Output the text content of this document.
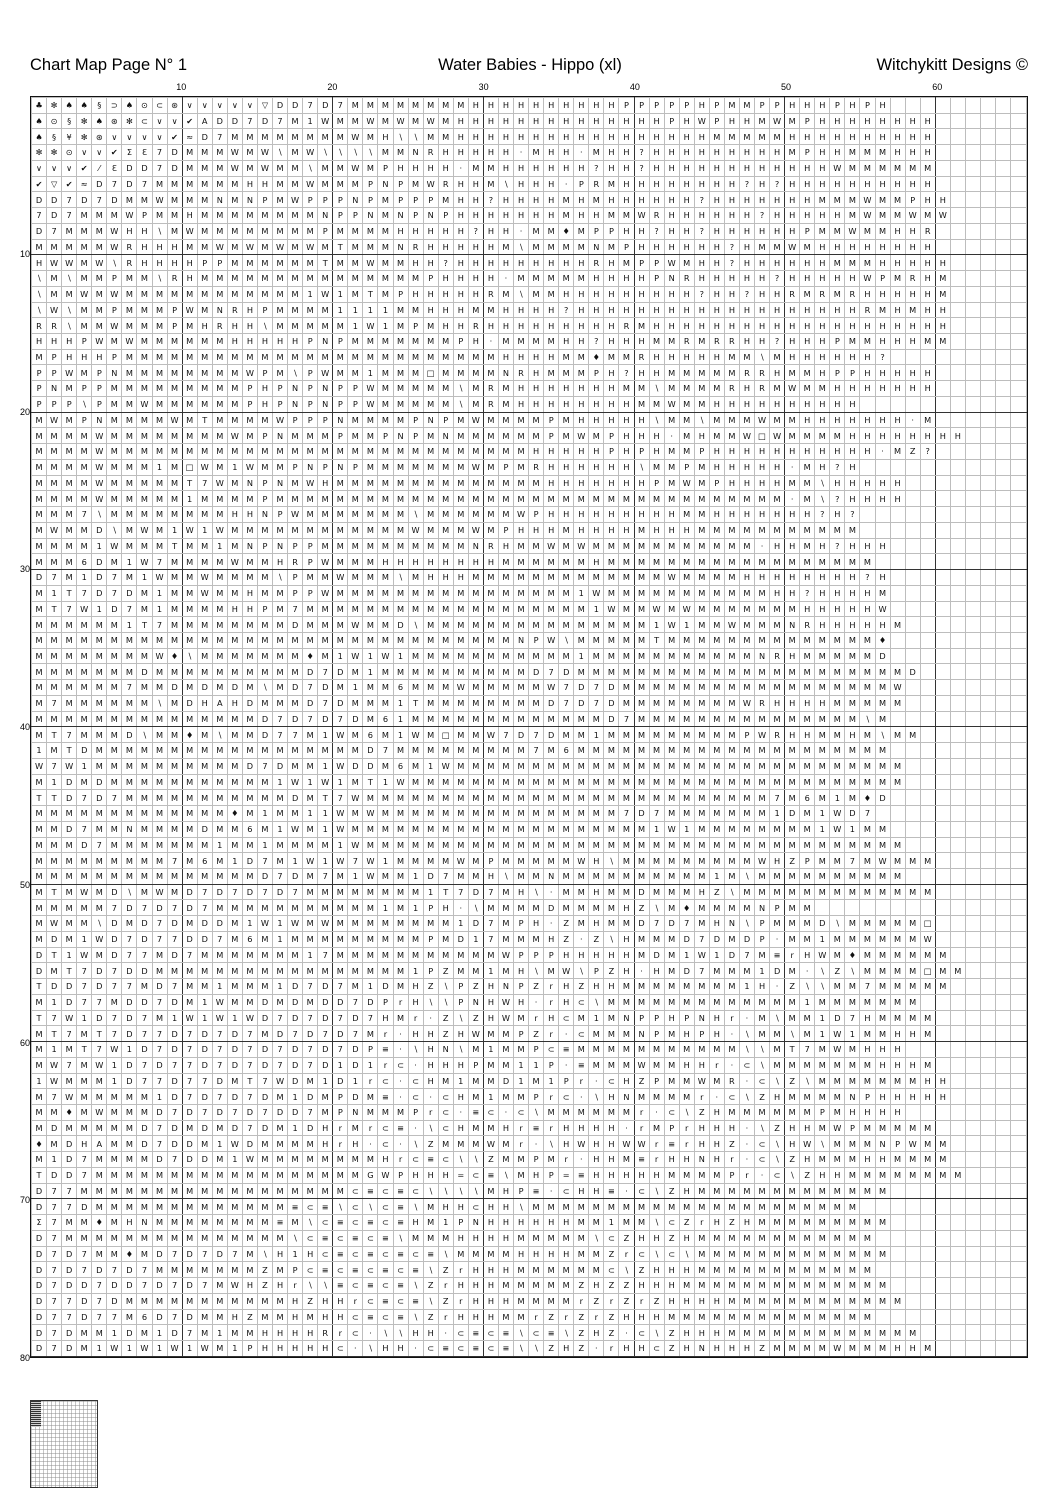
Chart Map Page N° 1	Water Babies - Hippo (xl)	Witchykitt Designs ©
10	20	30	40	50	60
10
20
30
40
50
60
70
80
♣	✻	♠	♠	§	⊃	♠	⊙	⊂	⊛	∨	∨	∨	∨	∨	▽	D	D	7	D	7	M	M	M	M	M	M	M	M	H	H	H	H	H	H	H	H	H	H	P	P	P	P	P	H	P	M	M	P	P	H	H	H	P	H	P	H									
♠	⊙	§	✻	♠	⊛	✻	⊂	∨	∨	✔	A	D	D	7	D	7	M	1	W	M	M	W	M	W	M	W	M	H	H	H	H	H	H	H	H	H	H	H	H	H	H	P	H	W	P	H	H	M	W	M	P	H	H	H	H	H	H	H	H						
♠	§	¥	✻	⊛	∨	∨	∨	∨	✔	≈	D	7	M	M	M	M	M	M	M	M	W	M	H	∖	∖	M	M	H	H	H	H	H	H	H	H	H	H	H	H	H	H	H	H	H	M	M	M	M	M	H	H	H	H	H	H	H	H	H	H						
✻	✻	⊙	∨	∨	✔	Σ	Ɛ	7	D	M	M	M	W	M	W	∖	M	W	∖	∖	∖	∖	M	M	N	R	H	H	H	H	H	·	M	H	H	·	M	H	H	?	H	H	H	H	H	H	H	H	H	M	P	H	H	M	M	M	H	H	H						
∨	∨	∨	✔	⁄	Ɛ	D	D	7	D	M	M	M	W	M	W	M	M	∖	M	M	W	M	P	H	H	H	H	·	M	M	H	H	H	H	H	H	?	H	H	?	H	H	H	H	H	H	H	H	H	H	H	H	W	M	M	M	M	M	M						
✔	▽	✔	≈	D	7	D	7	M	M	M	M	M	M	H	H	M	M	W	M	M	M	P	N	P	M	W	R	H	H	M	∖	H	H	H	·	P	R	M	H	H	H	H	H	H	H	H	?	H	?	H	H	H	H	H	H	H	H	H	H						
D	D	7	D	7	D	M	M	W	M	M	M	N	M	N	P	M	W	P	P	P	N	P	M	P	P	P	M	H	H	?	H	H	H	H	M	H	M	H	H	H	H	H	H	?	H	H	H	H	H	H	H	M	M	M	W	M	M	P	H	H					
7	D	7	M	M	M	W	P	M	M	H	M	M	M	M	M	M	M	M	N	P	P	N	M	N	P	N	P	H	H	H	H	H	H	H	M	H	H	M	M	W	R	H	H	H	H	H	H	?	H	H	H	H	H	M	W	M	M	W	M	W					
D	7	M	M	M	W	H	H	∖	M	W	M	M	M	M	M	M	M	M	P	M	M	M	M	H	H	H	H	H	?	H	H	·	M	M	♦	M	P	P	H	H	?	H	H	?	H	H	H	H	H	H	P	M	M	W	M	M	H	H	R						
M	M	M	M	M	W	R	H	H	H	M	M	W	M	W	M	W	M	W	M	T	M	M	M	N	R	H	H	H	H	H	M	∖	M	M	M	M	N	M	P	H	H	H	H	H	H	?	H	M	M	W	M	H	H	H	H	H	H	H	H						
H	W	W	M	W	∖	R	H	H	H	H	P	P	M	M	M	M	M	M	T	M	M	W	M	M	H	H	?	H	H	H	H	H	H	H	H	H	R	H	M	P	P	W	M	H	H	?	H	H	H	H	H	H	M	M	M	H	H	H	H	H					
∖	M	∖	M	M	P	M	M	∖	R	H	M	M	M	M	M	M	M	M	M	M	M	M	M	M	M	P	H	H	H	H	·	M	M	M	M	M	H	H	H	H	P	N	R	H	H	H	H	H	?	H	H	H	H	H	W	P	M	R	H	M					
∖	M	M	W	M	W	M	M	M	M	M	M	M	M	M	M	M	M	1	W	1	M	T	M	P	H	H	H	H	H	R	M	∖	M	M	H	H	H	H	H	H	H	H	H	?	H	H	?	H	H	R	M	R	M	R	H	H	H	H	H	M					
∖	W	∖	M	M	P	M	M	M	P	W	M	N	R	H	P	M	M	M	M	1	1	1	1	M	M	H	H	H	M	M	H	H	H	H	?	H	H	H	H	H	H	H	H	H	H	H	H	H	H	H	H	H	H	H	R	M	H	M	H	H					
R	R	∖	M	M	W	M	M	M	P	M	H	R	H	H	∖	M	M	M	M	M	1	W	1	M	P	M	H	H	R	H	H	H	H	H	H	H	H	H	R	M	H	H	H	H	H	H	H	H	H	H	H	H	H	H	H	H	H	H	H	H					
H	H	H	P	W	M	W	M	M	M	M	M	M	H	H	H	H	H	P	N	P	M	M	M	M	M	M	M	P	H	·	M	M	M	M	H	H	?	H	H	H	M	M	R	M	R	R	H	H	?	H	H	H	P	M	M	H	H	H	M	M					
M	P	H	H	H	P	M	M	M	M	M	M	M	M	M	M	M	M	M	M	M	M	M	M	M	M	M	M	M	M	M	H	H	H	H	M	M	♦	M	M	R	H	H	H	H	H	M	M	∖	M	H	H	H	H	H	H	?									
P	P	W	M	P	N	M	M	M	M	M	M	M	M	W	P	M	∖	P	W	M	M	1	M	M	M	□	M	M	M	M	N	R	H	M	M	M	P	H	?	H	H	M	M	M	M	M	R	R	H	M	M	H	P	P	H	H	H	H	H						
P	N	M	P	P	M	M	M	M	M	M	M	M	M	P	H	P	N	P	N	P	P	W	M	M	M	M	M	∖	M	R	M	H	H	H	H	H	H	H	M	M	∖	M	M	M	M	R	H	R	M	W	M	M	H	H	H	H	H	H	H						
P	P	P	∖	P	M	M	W	M	M	M	M	M	M	P	H	P	N	P	N	P	P	W	M	M	M	M	M	∖	M	R	M	H	H	H	H	H	H	H	H	M	M	W	M	M	H	H	H	H	H	H	H	H	H	H											
M	W	M	P	N	M	M	M	M	W	M	T	M	M	M	M	W	P	P	P	N	M	M	M	M	P	N	P	M	W	M	M	M	M	P	M	H	H	H	H	H	∖	M	M	∖	M	M	M	W	M	M	H	H	H	H	H	H	H	·	M						
M	M	M	M	W	M	M	M	M	M	M	M	M	W	M	P	N	M	M	M	P	M	M	P	N	P	M	N	M	M	M	M	M	M	P	M	W	M	P	H	H	H	·	M	H	M	M	W	□	W	M	M	M	M	H	H	H	H	H	H	H	H				
M	M	M	M	W	M	M	M	M	M	M	M	M	M	M	M	M	M	M	M	M	M	M	M	M	M	M	M	M	M	M	M	M	H	H	H	H	H	P	H	P	H	M	M	P	H	H	H	H	H	H	H	H	H	H	H	·	M	Z	?						
M	M	M	M	W	M	M	M	1	M	□	W	M	1	W	M	M	P	N	P	N	P	M	M	M	M	M	M	M	W	M	P	M	R	H	H	H	H	H	H	∖	M	M	P	M	H	H	H	H	H	·	M	H	?	H											
M	M	M	M	W	M	M	M	M	M	T	7	W	M	N	P	N	M	W	H	M	M	M	M	M	M	M	M	M	M	M	M	M	M	H	H	H	H	H	H	H	P	M	W	M	P	H	H	H	H	M	M	∖	H	H	H	H	H								
M	M	M	M	W	M	M	M	M	M	1	M	M	M	M	P	M	M	M	M	M	M	M	M	M	M	M	M	M	M	M	M	M	M	M	M	M	M	M	M	M	M	M	M	M	M	M	M	M	M	·	M	∖	?	H	H	H	H								
M	M	M	7	∖	M	M	M	M	M	M	M	M	H	H	N	P	W	M	M	M	M	M	M	M	∖	M	M	M	M	M	M	W	P	H	H	H	H	H	H	H	H	H	M	M	H	H	H	H	H	H	H	?	H	?											
M	W	M	M	D	∖	M	W	M	1	W	1	W	M	M	M	M	M	M	M	M	M	M	M	M	W	M	M	M	W	M	P	H	H	H	M	H	H	H	H	M	H	H	H	M	M	M	M	M	M	M	M	M	M	M											
M	M	M	M	1	W	M	M	M	T	M	M	1	M	N	P	N	P	P	M	M	M	M	M	M	M	M	M	M	N	R	H	M	M	W	M	W	M	M	M	M	M	M	M	M	M	M	M	·	H	H	M	H	?	H	H	H									
M	M	M	6	D	M	1	W	7	M	M	M	M	W	M	M	H	R	P	W	M	M	M	H	H	H	H	H	H	H	H	M	M	M	M	M	M	H	M	M	M	M	M	M	M	M	M	M	M	M	M	M	M	M	M	M										
D	7	M	1	D	7	M	1	W	M	M	W	M	M	M	M	∖	P	M	M	W	M	M	M	∖	M	H	H	H	M	M	M	M	M	M	M	M	M	M	M	M	M	W	M	M	M	M	H	H	H	H	H	H	H	H	?	H									
M	1	T	7	D	7	D	M	1	M	M	W	M	M	H	M	M	P	P	W	M	M	M	M	M	M	M	M	M	M	M	M	M	M	M	M	1	W	M	M	M	M	M	M	M	M	M	M	M	H	H	?	H	H	H	H	M									
M	T	7	W	1	D	7	M	1	M	M	M	M	H	H	P	M	7	M	M	M	M	M	M	M	M	M	M	M	M	M	M	M	M	M	M	M	1	W	M	M	W	M	W	M	M	M	M	M	M	M	H	H	H	H	H	W									
M	M	M	M	M	M	1	T	7	M	M	M	M	M	M	M	M	D	M	M	M	W	M	M	D	∖	M	M	M	M	M	M	M	M	M	M	M	M	M	M	M	1	W	1	M	M	W	M	M	M	N	R	H	H	H	H	H	M								
M	M	M	M	M	M	M	M	M	M	M	M	M	M	M	M	M	M	M	M	M	M	M	M	M	M	M	M	M	M	M	M	N	P	W	∖	M	M	M	M	M	T	M	M	M	M	M	M	M	M	M	M	M	M	M	M	♦									
M	M	M	M	M	M	M	M	W	♦	∖	M	M	M	M	M	M	M	♦	M	1	W	1	W	1	M	M	M	M	M	M	M	M	M	M	M	1	M	M	M	M	M	M	M	M	M	M	M	N	R	H	M	M	M	M	M	D									
M	M	M	M	M	M	M	D	M	M	M	M	M	M	M	M	M	M	D	7	D	M	1	M	M	M	M	M	M	M	M	M	M	D	7	D	M	M	M	M	M	M	M	M	M	M	M	M	M	M	M	M	M	M	M	M	M	M	D							
M	M	M	M	M	M	7	M	M	D	M	D	M	D	M	∖	M	D	7	D	M	1	M	M	6	M	M	M	W	M	M	M	M	M	W	7	D	7	D	M	M	M	M	M	M	M	M	M	M	M	M	M	M	M	M	M	M	W								
M	7	M	M	M	M	M	M	∖	M	D	H	A	H	D	M	M	M	D	7	D	M	M	M	1	T	M	M	M	M	M	M	M	M	D	7	D	7	D	M	M	M	M	M	M	M	M	W	R	H	H	H	H	M	M	M	M	M								
M	M	M	M	M	M	M	M	M	M	M	M	M	M	M	D	7	D	7	D	7	D	M	6	1	M	M	M	M	M	M	M	M	M	M	M	M	M	D	7	M	M	M	M	M	M	M	M	M	M	M	M	M	M	M	∖	M									
M	T	7	M	M	M	D	∖	M	M	♦	M	∖	M	M	D	7	7	M	1	W	M	6	M	1	W	M	□	M	M	W	7	D	7	D	M	M	1	M	M	M	M	M	M	M	M	M	P	W	R	H	H	M	M	H	M	∖	M	M							
1	M	T	D	M	M	M	M	M	M	M	M	M	M	M	M	M	M	M	M	M	M	D	7	M	M	M	M	M	M	M	M	M	7	M	6	M	M	M	M	M	M	M	M	M	M	M	M	M	M	M	M	M	M	M	M	M									
W	7	W	1	M	M	M	M	M	M	M	M	M	M	D	7	D	M	M	1	W	D	D	M	6	M	1	W	M	M	M	M	M	M	M	M	M	M	M	M	M	M	M	M	M	M	M	M	M	M	M	M	M	M	M	M	M	M								
M	1	D	M	D	M	M	M	M	M	M	M	M	M	M	M	1	W	1	W	1	M	T	1	W	M	M	M	M	M	M	M	M	M	M	M	M	M	M	M	M	M	M	M	M	M	M	M	M	M	M	M	M	M	M	M	M	M								
T	T	D	7	D	7	M	M	M	M	M	M	M	M	M	M	M	D	M	T	7	W	M	M	M	M	M	M	M	M	M	M	M	M	M	M	M	M	M	M	M	M	M	M	M	M	M	M	M	7	M	6	M	1	M	♦	D									
M	M	M	M	M	M	M	M	M	M	M	M	M	♦	M	1	M	M	1	1	W	M	W	M	M	M	M	M	M	M	M	M	M	M	M	M	M	M	M	7	D	7	M	M	M	M	M	M	M	1	D	M	1	W	D	7										
M	M	D	7	M	M	N	M	M	M	M	D	M	M	6	M	1	W	M	1	W	M	M	M	M	M	M	M	M	M	M	M	M	M	M	M	M	M	M	M	M	1	W	1	M	M	M	M	M	M	M	M	1	W	1	M	M									
M	M	M	D	7	M	M	M	M	M	M	M	1	M	M	1	M	M	M	M	1	W	M	M	M	M	M	M	M	M	M	M	M	M	M	M	M	M	M	M	M	M	M	M	M	M	M	M	M	M	M	M	M	M	M	M	M	M								
M	M	M	M	M	M	M	M	M	7	M	6	M	1	D	7	M	1	W	1	W	7	W	1	M	M	M	M	W	M	P	M	M	M	M	M	W	H	∖	M	M	M	M	M	M	M	M	M	W	H	Z	P	M	M	7	M	W	M	M	M						
M	M	M	M	M	M	M	M	M	M	M	M	M	M	M	D	7	D	M	7	M	1	W	M	M	1	D	7	M	M	H	∖	M	M	N	M	M	M	M	M	M	M	M	M	M	1	M	∖	M	M	M	M	M	M	M	M	M	M								
M	T	M	W	M	D	∖	M	W	M	D	7	D	7	D	7	D	7	M	M	M	M	M	M	M	M	1	T	7	D	7	M	H	∖	·	M	M	H	M	M	D	M	M	M	H	Z	∖	M	M	M	M	M	M	M	M	M	M	M	M	M						
M	M	M	M	M	7	D	7	D	7	D	7	M	M	M	M	M	M	M	M	M	M	M	1	M	1	P	H	·	∖	M	M	M	M	D	M	M	M	M	H	Z	∖	M	♦	M	M	M	M	N	P	M	M														
M	W	M	M	∖	D	M	D	7	D	M	D	D	M	1	W	1	W	M	W	M	M	M	M	M	M	M	M	1	D	7	M	P	H	·	Z	M	H	M	M	D	7	D	7	M	H	N	∖	P	M	M	M	D	∖	M	M	M	M	M	□						
M	D	M	1	W	D	7	D	7	7	D	D	7	M	6	M	1	M	M	M	M	M	M	M	M	M	P	M	D	1	7	M	M	M	H	Z	·	Z	∖	H	M	M	M	D	7	D	M	D	P	·	M	M	1	M	M	M	M	M	M	W						
D	T	1	W	M	D	7	7	M	D	7	M	M	M	M	M	M	M	1	7	M	M	M	M	M	M	M	M	M	M	M	W	P	P	P	H	H	H	H	H	M	D	M	1	W	1	D	7	M	≡	r	H	W	M	♦	M	M	M	M	M	M					
D	M	T	7	D	7	D	D	M	M	M	M	M	M	M	M	M	M	M	M	M	M	M	M	M	1	P	Z	M	M	1	M	H	∖	M	W	∖	P	Z	H	·	H	M	D	7	M	M	M	1	D	M	·	∖	Z	∖	M	M	M	M	□	M	M				
T	D	D	7	D	7	7	M	D	7	M	M	1	M	M	M	1	D	7	D	7	M	1	D	M	H	Z	∖	P	Z	H	N	P	Z	r	H	Z	H	H	M	M	M	M	M	M	M	M	1	H	·	Z	∖	∖	M	M	7	M	M	M	M	M					
M	1	D	7	7	M	D	D	7	D	M	1	W	M	M	D	M	D	M	D	D	7	D	P	r	H	∖	∖	P	N	H	W	H	·	r	H	⊂	∖	M	M	M	M	M	M	M	M	M	M	M	M	M	1	M	M	M	M	M	M	M							
T	7	W	1	D	7	D	7	M	1	W	1	W	1	W	D	7	D	7	D	7	D	7	H	M	r	·	Z	∖	Z	H	W	M	r	H	⊂	M	1	M	N	P	P	H	P	N	H	r	·	M	∖	M	M	1	D	7	H	M	M	M	M						
M	T	7	M	T	7	D	7	7	D	7	D	7	D	7	M	D	7	D	7	D	7	M	r	·	H	H	Z	H	W	M	M	P	Z	r	·	⊂	M	M	M	N	P	M	H	P	H	·	∖	M	M	∖	M	1	W	1	M	M	H	H	M						
M	1	M	T	7	W	1	D	7	D	7	D	7	D	7	D	7	D	7	D	7	D	P	≡	·	∖	H	N	∖	M	1	M	M	P	⊂	≡	M	M	M	M	M	M	M	M	M	M	M	∖	∖	M	T	7	M	W	M	H	H	H								
M	W	7	M	W	1	D	7	D	7	7	D	7	D	7	D	7	D	7	D	1	D	1	r	⊂	·	H	H	H	P	M	M	1	1	P	·	≡	M	M	M	W	M	M	H	H	r	·	⊂	∖	M	M	M	M	M	M	M	H	H	H	M						
1	W	M	M	M	1	D	7	7	D	7	7	D	M	T	7	W	D	M	1	D	1	r	⊂	·	⊂	H	M	1	M	M	D	1	M	1	P	r	·	⊂	H	Z	P	M	M	W	M	R	·	⊂	∖	Z	∖	M	M	M	M	M	M	M	H	H					
M	7	W	M	M	M	M	M	1	D	7	D	7	D	7	D	M	1	D	M	P	D	M	≡	·	⊂	·	⊂	H	M	1	M	M	P	r	⊂	·	∖	H	N	M	M	M	M	r	·	⊂	∖	Z	H	M	M	M	M	N	P	H	H	H	H	H					
M	M	♦	M	W	M	M	M	D	7	D	7	D	7	D	7	D	D	7	M	P	N	M	M	M	P	r	⊂	·	≡	⊂	·	⊂	∖	M	M	M	M	M	M	r	·	⊂	∖	Z	H	M	M	M	M	M	M	P	M	H	H	H	H								
M	D	M	M	M	M	M	D	7	D	M	D	M	D	7	D	M	1	D	H	r	M	r	⊂	≡	·	∖	⊂	H	M	M	H	r	≡	r	H	H	H	H	·	r	M	P	r	H	H	H	·	∖	Z	H	H	M	W	P	M	M	M	M	M						
♦	M	D	H	A	M	M	D	7	D	D	M	1	W	D	M	M	M	M	H	r	H	·	⊂	·	∖	Z	M	M	M	W	M	r	·	∖	H	W	H	H	W	W	r	≡	r	H	H	Z	·	⊂	∖	H	W	∖	M	M	M	N	P	W	M	M					
M	1	D	7	M	M	M	M	D	7	D	D	M	1	W	M	M	M	M	M	M	M	M	H	r	⊂	≡	⊂	∖	∖	Z	M	M	P	M	r	·	H	H	M	≡	r	H	H	N	H	r	·	⊂	∖	Z	H	M	M	M	H	H	M	M	M	M					
T	D	D	7	M	M	M	M	M	M	M	M	M	M	M	M	M	M	M	M	M	M	G	W	P	H	H	H	=	⊂	≡	∖	M	H	P	=	≡	H	H	H	H	H	M	M	M	M	P	r	·	⊂	∖	Z	H	H	M	M	M	M	M	M	M	M				
D	7	7	M	M	M	M	M	M	M	M	M	M	M	M	M	M	M	M	M	M	⊂	≡	⊂	≡	⊂	∖	∖	∖	∖	M	H	P	≡	·	⊂	H	H	≡	·	⊂	∖	Z	H	M	M	M	M	M	M	M	M	M	M	M	M	M									
D	7	7	D	M	M	M	M	M	M	M	M	M	M	M	M	M	≡	⊂	≡	∖	⊂	∖	⊂	≡	∖	M	H	H	⊂	H	H	∖	M	M	M	M	M	M	M	M	M	M	M	M	M	M	M	M	M	M	M	M	M	M											
Σ	7	M	M	♦	M	H	N	M	M	M	M	M	M	M	M	≡	M	∖	⊂	≡	⊂	≡	⊂	≡	H	M	1	P	N	H	H	H	H	H	H	M	M	1	M	M	∖	⊂	Z	r	H	Z	H	M	M	M	M	M	M	M	M	M									
D	7	M	M	M	M	M	M	M	M	M	M	M	M	M	M	M	∖	⊂	≡	⊂	≡	⊂	≡	∖	M	M	M	H	H	H	H	M	M	M	M	M	∖	⊂	Z	H	H	Z	H	M	M	M	M	M	M	M	M	M	M	M	M										
D	7	D	7	M	M	♦	M	D	7	D	7	D	7	M	∖	H	1	H	⊂	≡	⊂	≡	⊂	≡	⊂	≡	∖	M	M	M	M	H	H	H	H	M	M	Z	r	⊂	∖	⊂	∖	M	M	M	M	M	M	M	M	M	M	M	M	M									
D	7	D	7	D	7	D	7	M	M	M	M	M	M	M	Z	M	P	⊂	≡	⊂	≡	⊂	≡	⊂	≡	∖	Z	r	H	H	H	M	M	M	M	M	M	⊂	∖	Z	H	H	H	M	M	M	M	M	M	M	M	M	M	M	M										
D	7	D	D	7	D	D	7	D	7	D	7	M	W	H	Z	H	r	∖	∖	≡	⊂	≡	⊂	≡	∖	Z	r	H	H	H	M	M	M	M	M	Z	H	Z	Z	H	H	H	M	M	M	M	M	M	M	M	M	M	M	M	M	M									
D	7	7	D	7	D	M	M	M	M	M	M	M	M	M	M	M	H	Z	H	H	r	⊂	≡	⊂	≡	∖	Z	r	H	H	H	M	M	M	M	r	Z	r	Z	r	Z	H	H	H	H	M	M	M	M	M	M	M	M	M	M	M	M								
D	7	7	D	7	7	M	6	D	7	D	M	M	H	Z	M	M	H	M	H	H	⊂	≡	⊂	≡	∖	Z	r	H	H	H	M	M	r	Z	r	Z	r	Z	H	H	H	M	M	M	M	M	M	M	M	M	M	M	M	M	M										
D	7	D	M	M	1	D	M	1	D	7	M	1	M	M	H	H	H	H	R	r	⊂	·	∖	∖	H	H	·	⊂	≡	⊂	≡	∖	⊂	≡	∖	Z	H	Z	·	⊂	∖	Z	H	H	H	M	M	M	M	M	M	M	M	M	M	M	M	M							
D	7	D	M	1	W	1	W	1	W	1	W	M	1	P	H	H	H	H	H	⊂	·	∖	H	H	·	⊂	≡	⊂	≡	⊂	≡	∖	∖	Z	H	Z	·	r	H	H	⊂	Z	H	N	H	H	H	Z	M	M	M	M	W	M	M	M	H	H	M						
